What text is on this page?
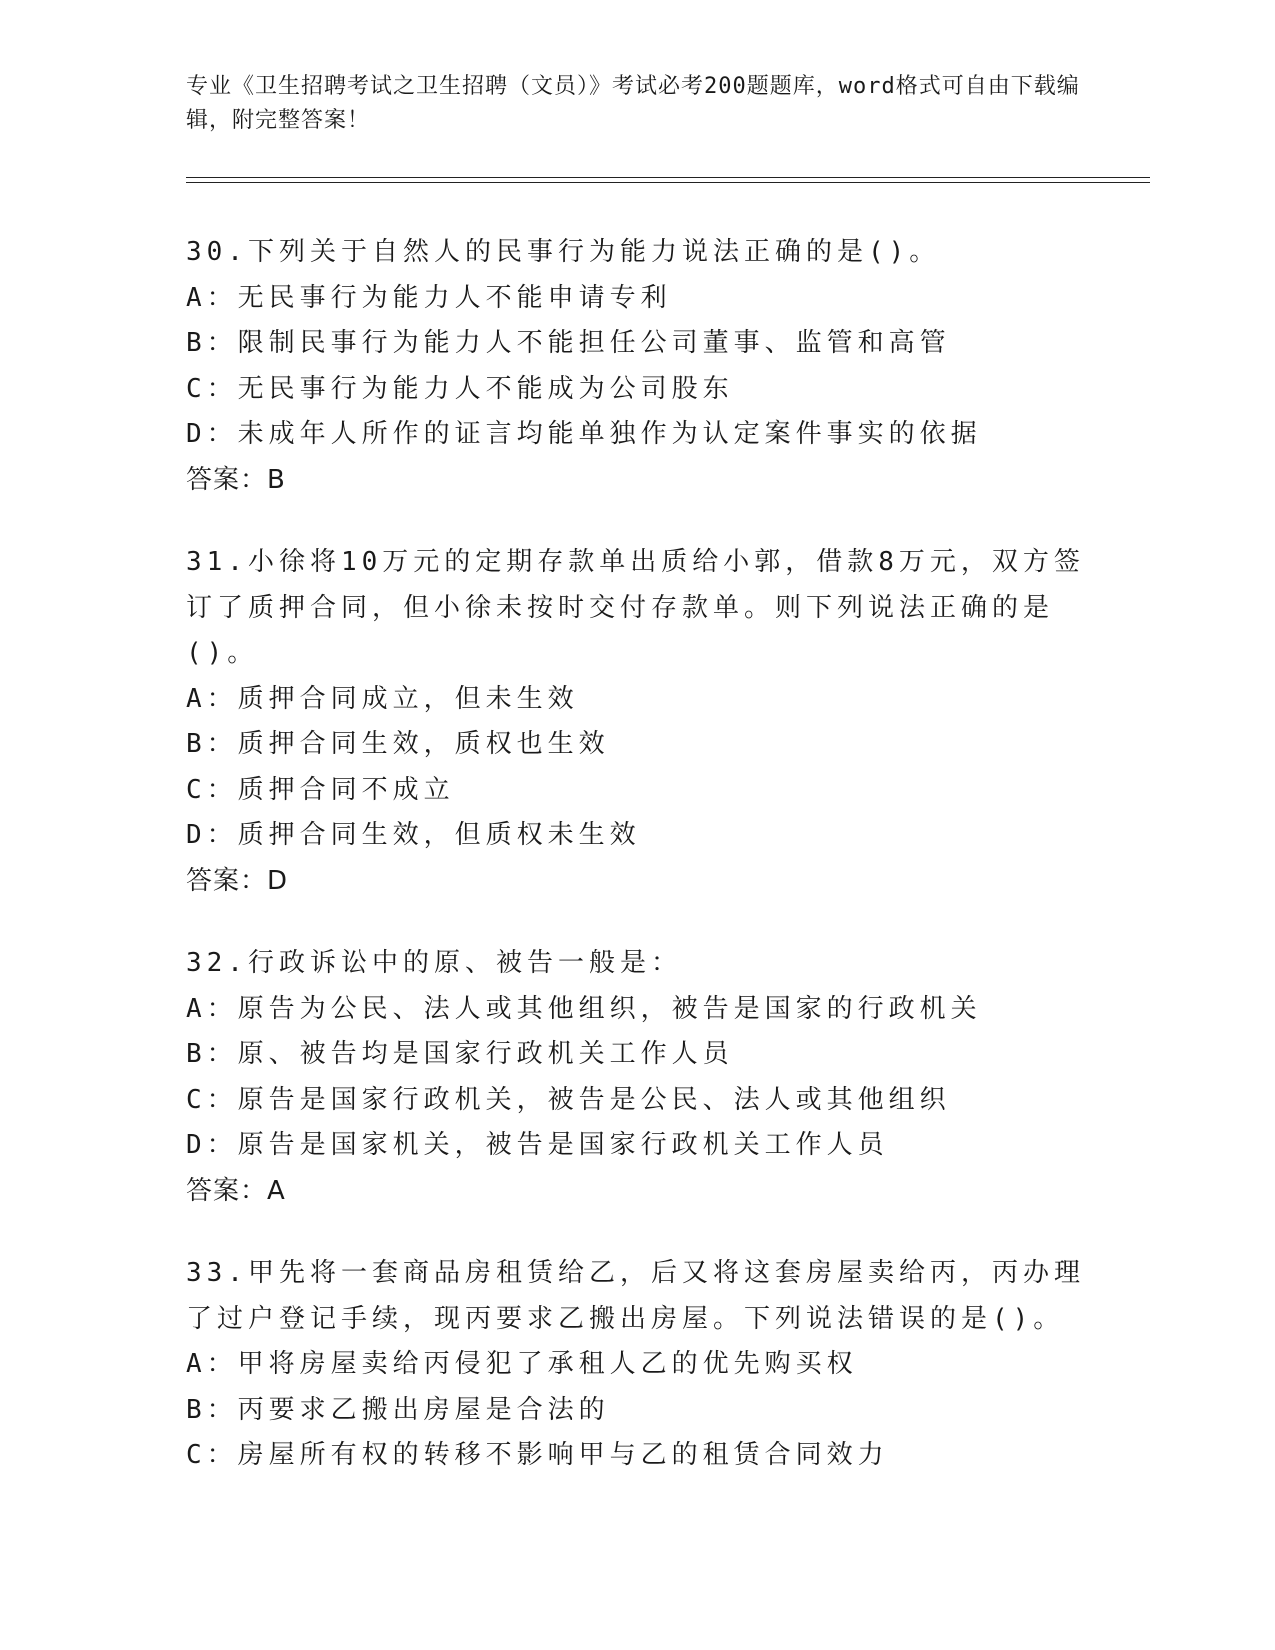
专业《卫生招聘考试之卫生招聘（文员）》考试必考200题题库，word格式可自由下载编辑，附完整答案！
30.下列关于自然人的民事行为能力说法正确的是()。
A：无民事行为能力人不能申请专利
B：限制民事行为能力人不能担任公司董事、监管和高管
C：无民事行为能力人不能成为公司股东
D：未成年人所作的证言均能单独作为认定案件事实的依据
答案：B
31.小徐将10万元的定期存款单出质给小郭，借款8万元，双方签订了质押合同，但小徐未按时交付存款单。则下列说法正确的是()。
A：质押合同成立，但未生效
B：质押合同生效，质权也生效
C：质押合同不成立
D：质押合同生效，但质权未生效
答案：D
32.行政诉讼中的原、被告一般是：
A：原告为公民、法人或其他组织，被告是国家的行政机关
B：原、被告均是国家行政机关工作人员
C：原告是国家行政机关，被告是公民、法人或其他组织
D：原告是国家机关，被告是国家行政机关工作人员
答案：A
33.甲先将一套商品房租赁给乙，后又将这套房屋卖给丙，丙办理了过户登记手续，现丙要求乙搬出房屋。下列说法错误的是()。
A：甲将房屋卖给丙侵犯了承租人乙的优先购买权
B：丙要求乙搬出房屋是合法的
C：房屋所有权的转移不影响甲与乙的租赁合同效力
